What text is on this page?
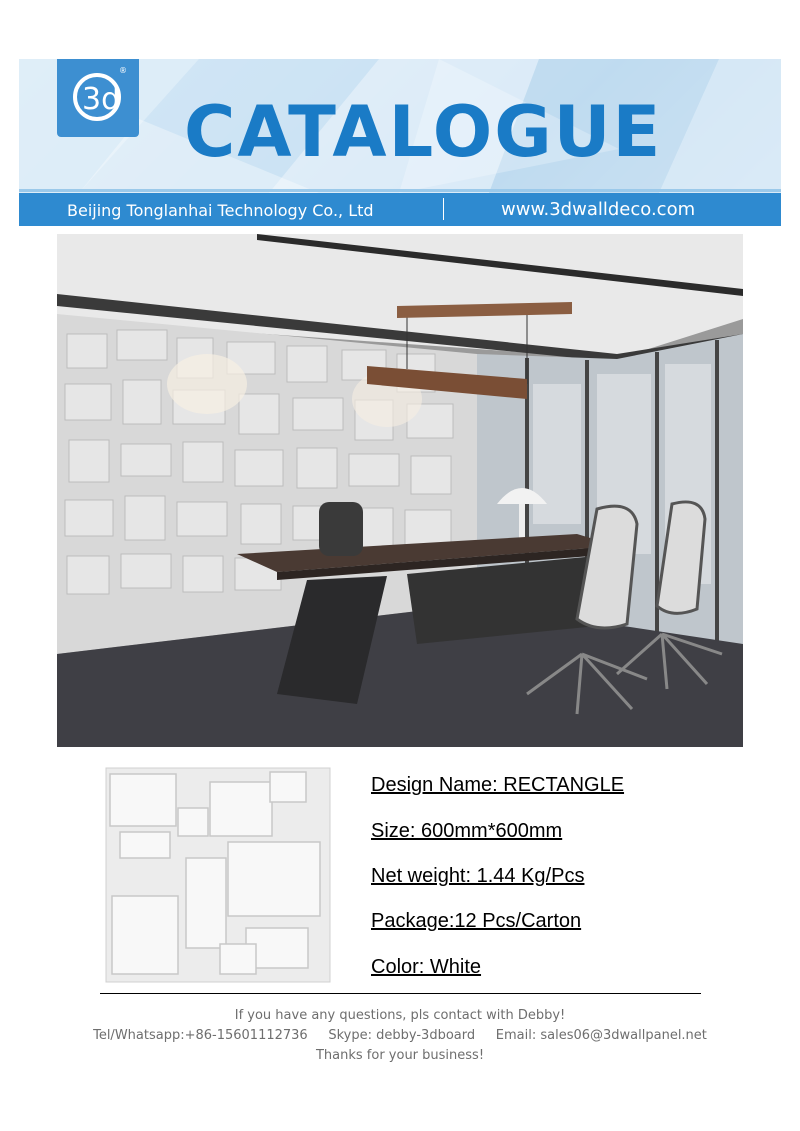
3d
®
CATALOGUE
Beijing Tonglanhai Technology Co., Ltd	www.3dwalldeco.com
Design Name: RECTANGLE
Size: 600mm*600mm
Net weight: 1.44 Kg/Pcs
Package:12 Pcs/Carton
Color: White
If you have any questions, pls contact with Debby!
Tel/Whatsapp:+86-15601112736     Skype: debby-3dboard     Email: sales06@3dwallpanel.net
Thanks for your business!
